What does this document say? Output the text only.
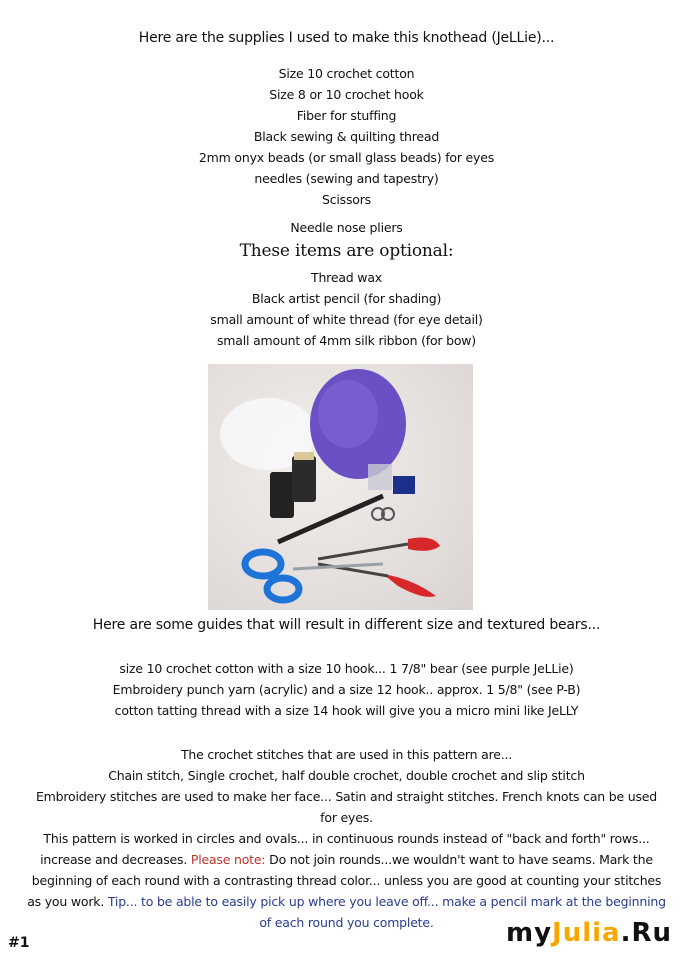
Here are the supplies I used to make this knothead (JeLLie)...
Size 10 crochet cotton
Size 8 or 10 crochet hook
Fiber for stuffing
Black sewing & quilting thread
2mm onyx beads (or small glass beads) for eyes
needles (sewing and tapestry)
Scissors
Needle nose pliers
These items are optional:
Thread wax
Black artist pencil (for shading)
small amount of white thread (for eye detail)
small amount of 4mm silk ribbon (for bow)
Here are some guides that will result in different size and textured bears...
size 10 crochet cotton with a size 10 hook... 1 7/8" bear (see purple JeLLie)
Embroidery punch yarn (acrylic) and a size 12 hook.. approx. 1 5/8" (see P-B)
cotton tatting thread with a size 14 hook will give you a micro mini like JeLLY
The crochet stitches that are used in this pattern are...
Chain stitch, Single crochet, half double crochet, double crochet and slip stitch
Embroidery stitches are used to make her face... Satin and straight stitches. French knots can be used
for eyes.
This pattern is worked in circles and ovals... in continuous rounds instead of "back and forth" rows...
increase and decreases. Please note: Do not join rounds...we wouldn't want to have seams. Mark the
beginning of each round with a contrasting thread color... unless you are good at counting your stitches
as you work. Tip... to be able to easily pick up where you leave off... make a pencil mark at the beginning
of each round you complete.
#1	myJulia.Ru
